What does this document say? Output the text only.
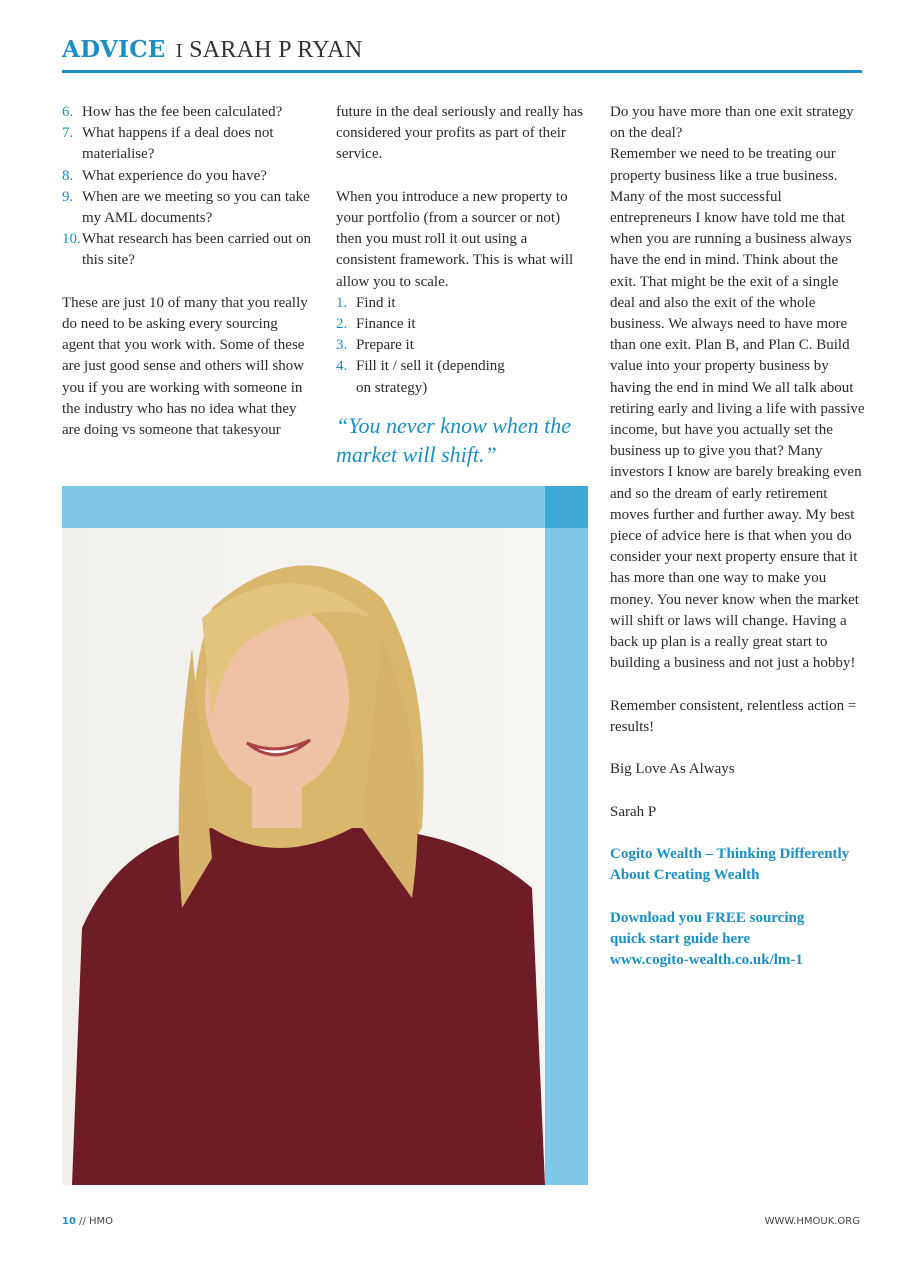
ADVICE I SARAH P RYAN
6. How has the fee been calculated?
7. What happens if a deal does not materialise?
8. What experience do you have?
9. When are we meeting so you can take my AML documents?
10. What research has been carried out on this site?

These are just 10 of many that you really do need to be asking every sourcing agent that you work with. Some of these are just good sense and others will show you if you are working with someone in the industry who has no idea what they are doing vs someone that takesyour

future in the deal seriously and really has considered your profits as part of their service.

When you introduce a new property to your portfolio (from a sourcer or not) then you must roll it out using a consistent framework. This is what will allow you to scale.

1. Find it
2. Finance it
3. Prepare it
4. Fill it / sell it (depending on strategy)

“You never know when the market will shift.”

Do you have more than one exit strategy on the deal?

Remember we need to be treating our property business like a true business. Many of the most successful entrepreneurs I know have told me that when you are running a business always have the end in mind. Think about the exit. That might be the exit of a single deal and also the exit of the whole business. We always need to have more than one exit. Plan B, and Plan C. Build value into your property business by having the end in mind We all talk about retiring early and living a life with passive income, but have you actually set the business up to give you that? Many investors I know are barely breaking even and so the dream of early retirement moves further and further away. My best piece of advice here is that when you do consider your next property ensure that it has more than one way to make you money. You never know when the market will shift or laws will change. Having a back up plan is a really great start to building a business and not just a hobby!

Remember consistent, relentless action = results!

Big Love As Always

Sarah P

Cogito Wealth – Thinking Differently About Creating Wealth

Download you FREE sourcing quick start guide here

www.cogito-wealth.co.uk/lm-1

10 // HMO	WWW.HMOUK.ORG
